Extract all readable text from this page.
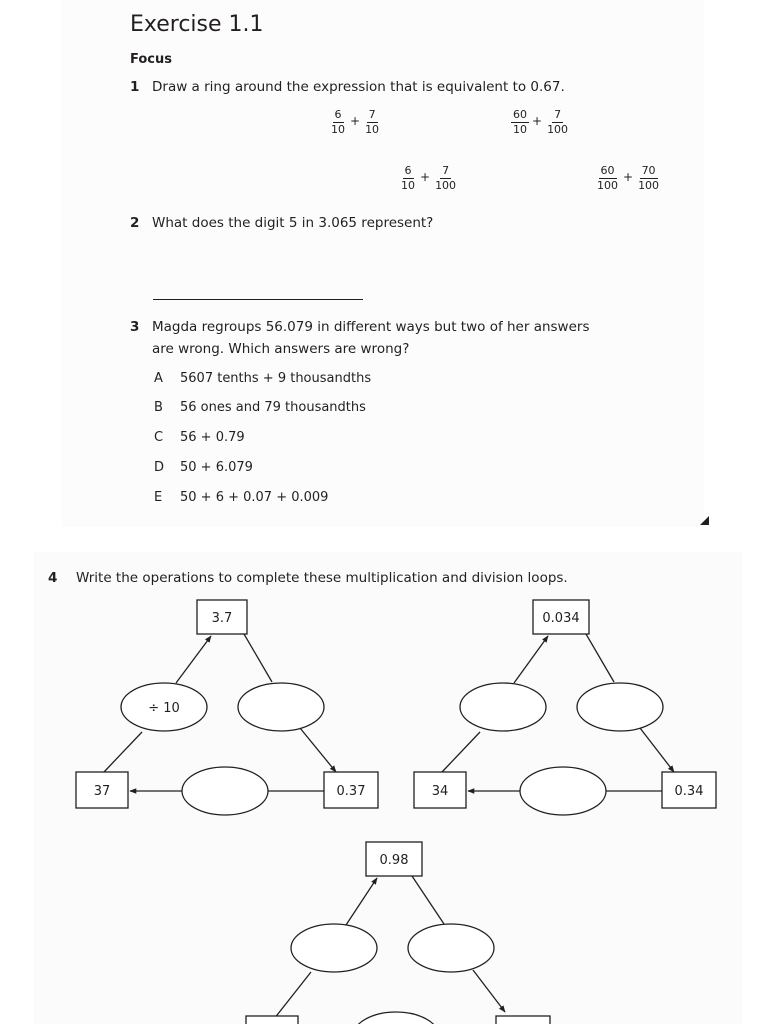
Exercise 1.1
Focus
1 Draw a ring around the expression that is equivalent to 0.67.
$\frac{6}{10} + \frac{7}{10}$	$\frac{60}{10} + \frac{7}{100}$
$\frac{6}{10} + \frac{7}{100}$	$\frac{60}{100} + \frac{70}{100}$
2 What does the digit 5 in 3.065 represent?
3 Magda regroups 56.079 in different ways but two of her answers
are wrong. Which answers are wrong?
A 5607 tenths + 9 thousandths
B 56 ones and 79 thousandths
C 56 + 0.79
D 50 + 6.079
E 50 + 6 + 0.07 + 0.009
4 Write the operations to complete these multiplication and division loops.
3.7
37	0.37
÷ 10
0.034
34	0.34
0.98
